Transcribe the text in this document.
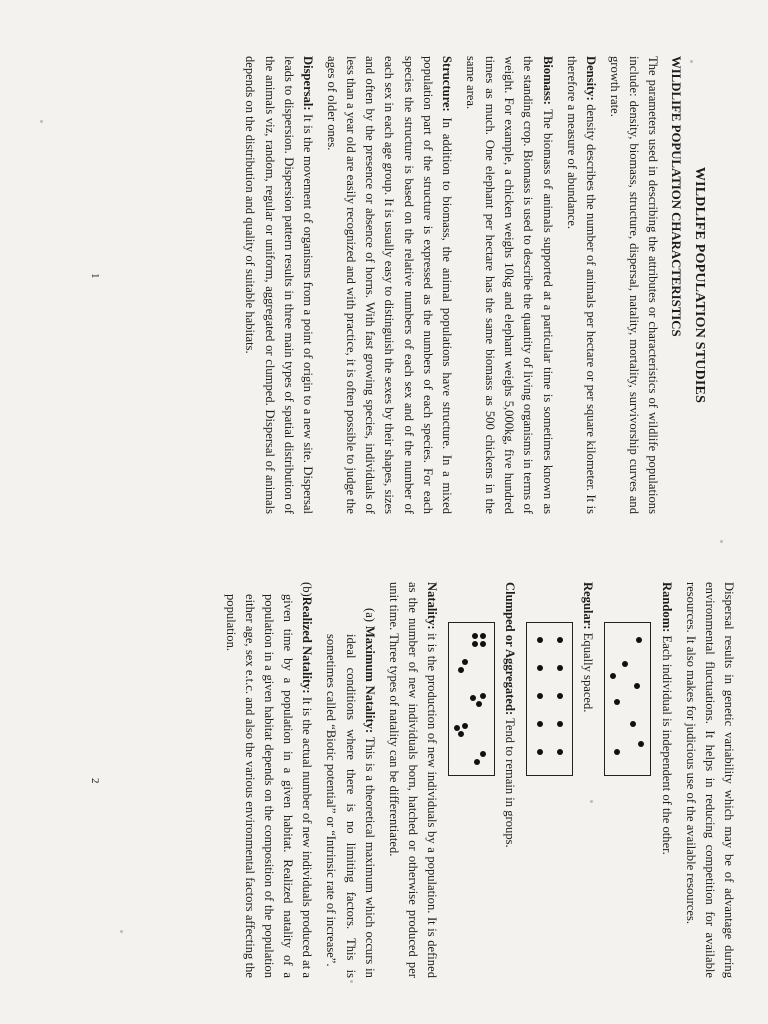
WILDLIFE POPULATION STUDIES
WILDLIFE POPULATION CHARACTERISTICS

The parameters used in describing the attributes or characteristics of wildlife populations include: density, biomass, structure, dispersal, natality, mortality, survivorship curves and growth rate.

Density: density describes the number of animals per hectare or per square kilometer. It is therefore a measure of abundance.

Biomass: The biomass of animals supported at a particular time is sometimes known as the standing crop. Biomass is used to describe the quantity of living organisms in terms of weight. For example, a chicken weighs 10kg and elephant weighs 5,000kg, five hundred times as much. One elephant per hectare has the same biomass as 500 chickens in the same area.

Structure: In addition to biomass, the animal populations have structure. In a mixed population part of the structure is expressed as the numbers of each species. For each species the structure is based on the relative numbers of each sex and of the number of each sex in each age group. It is usually easy to distinguish the sexes by their shapes, sizes and often by the presence or absence of horns. With fast growing species, individuals of less than a year old are easily recognized and with practice, it is often possible to judge the ages of older ones.

Dispersal: It is the movement of organisms from a point of origin to a new site. Dispersal leads to dispersion. Dispersion pattern results in three main types of spatial distribution of the animals viz, random, regular or uniform, aggregated or clumped. Dispersal of animals depends on the distribution and quality of suitable habitats.

1

Dispersal results in genetic variability which may be of advantage during environmental fluctuations. It helps in reducing competition for available resources. It also makes for judicious use of the available resources.

Random: Each individual is independent of the other.

Regular: Equally spaced.

Clumped or Aggregated: Tend to remain in groups.

Natality: it is the production of new individuals by a population. It is defined as the number of new individuals born, hatched or otherwise produced per unit time. Three types of natality can be differentiated.

(a) Maximum Natality: This is a theoretical maximum which occurs in ideal conditions where there is no limiting factors. This is sometimes called “Biotic potential” or “Intrinsic rate of increase”.

(b)Realized Natality: It is the actual number of new individuals produced at a given time by a population in a given habitat. Realized natality of a population in a given habitat depends on the composition of the population either age, sex e.t.c. and also the various environmental factors affecting the population.

2
